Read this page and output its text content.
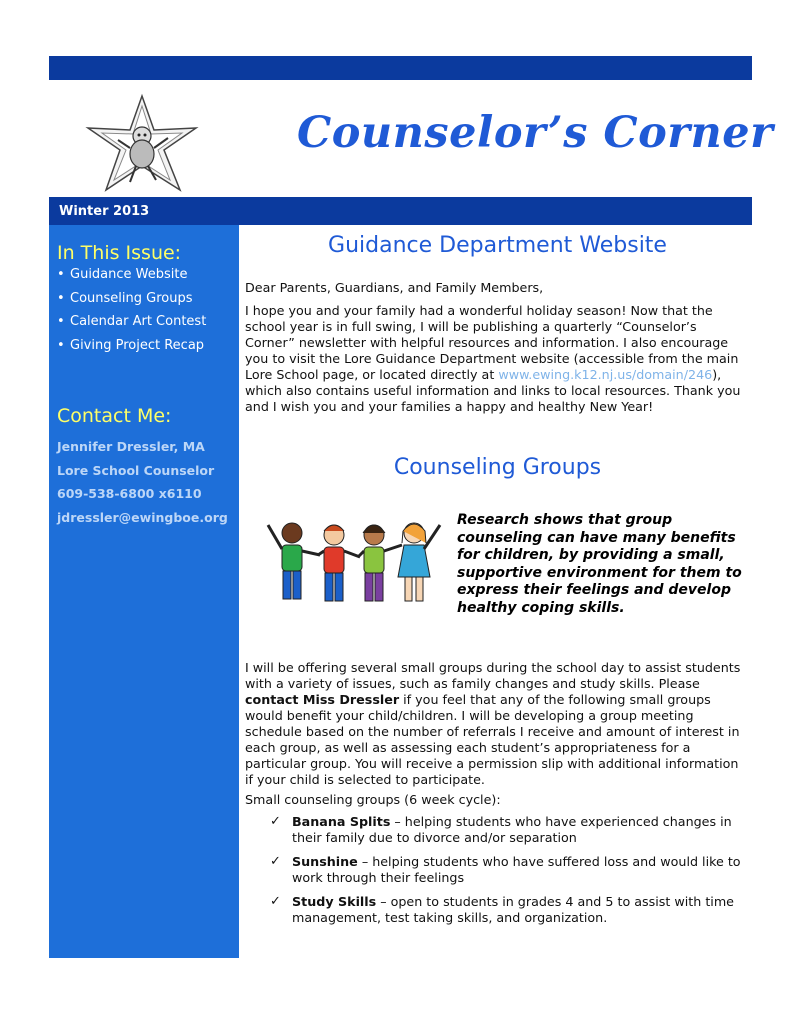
Counselor’s Corner
Winter 2013
In This Issue:
• Guidance Website
• Counseling Groups
• Calendar Art Contest
• Giving Project Recap
Contact Me:
Jennifer Dressler, MA
Lore School Counselor
609-538-6800 x6110
jdressler@ewingboe.org
Guidance Department Website

Dear Parents, Guardians, and Family Members,

I hope you and your family had a wonderful holiday season! Now that the school year is in full swing, I will be publishing a quarterly “Counselor’s Corner” newsletter with helpful resources and information. I also encourage you to visit the Lore Guidance Department website (accessible from the main Lore School page, or located directly at www.ewing.k12.nj.us/domain/246), which also contains useful information and links to local resources. Thank you and I wish you and your families a happy and healthy New Year!

Counseling Groups

Research shows that group counseling can have many benefits for children, by providing a small, supportive environment for them to express their feelings and develop healthy coping skills.

I will be offering several small groups during the school day to assist students with a variety of issues, such as family changes and study skills. Please contact Miss Dressler if you feel that any of the following small groups would benefit your child/children. I will be developing a group meeting schedule based on the number of referrals I receive and amount of interest in each group, as well as assessing each student’s appropriateness for a particular group. You will receive a permission slip with additional information if your child is selected to participate.

Small counseling groups (6 week cycle):

✓ Banana Splits – helping students who have experienced changes in their family due to divorce and/or separation
✓ Sunshine – helping students who have suffered loss and would like to work through their feelings
✓ Study Skills – open to students in grades 4 and 5 to assist with time management, test taking skills, and organization.
